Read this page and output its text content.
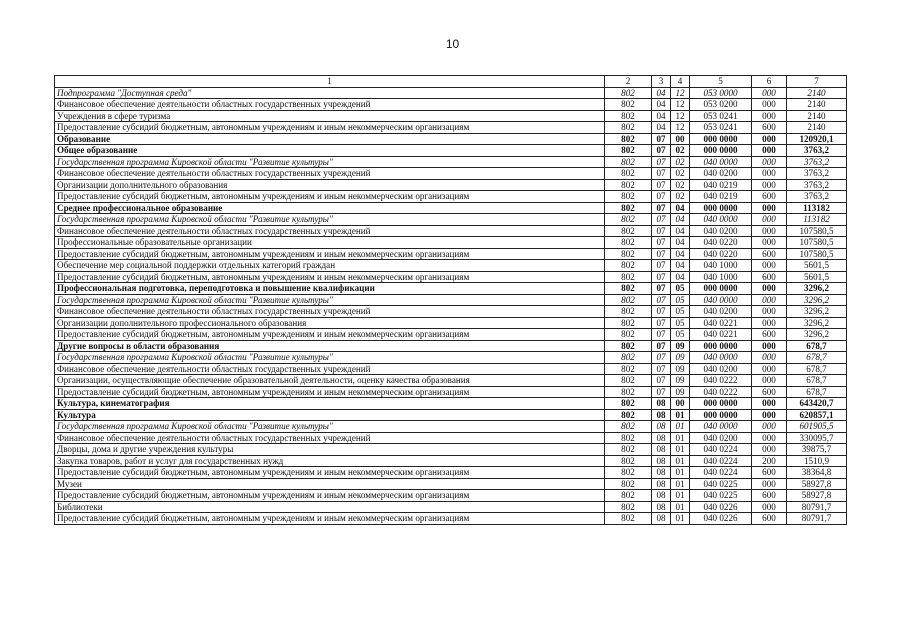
10
1	2	3	4	5	6	7
Подпрограмма "Доступная среда"	802	04	12	053 0000	000	2140
Финансовое обеспечение деятельности областных государственных учреждений	802	04	12	053 0200	000	2140
Учреждения в сфере туризма	802	04	12	053 0241	000	2140
Предоставление субсидий бюджетным, автономным учреждениям и иным некоммерческим организациям	802	04	12	053 0241	600	2140
Образование	802	07	00	000 0000	000	120920,1
Общее образование	802	07	02	000 0000	000	3763,2
Государственная программа Кировской области "Развитие культуры"	802	07	02	040 0000	000	3763,2
Финансовое обеспечение деятельности областных государственных учреждений	802	07	02	040 0200	000	3763,2
Организации дополнительного образования	802	07	02	040 0219	000	3763,2
Предоставление субсидий бюджетным, автономным учреждениям и иным некоммерческим организациям	802	07	02	040 0219	600	3763,2
Среднее профессиональное образование	802	07	04	000 0000	000	113182
Государственная программа Кировской области "Развитие культуры"	802	07	04	040 0000	000	113182
Финансовое обеспечение деятельности областных государственных учреждений	802	07	04	040 0200	000	107580,5
Профессиональные образовательные организации	802	07	04	040 0220	000	107580,5
Предоставление субсидий бюджетным, автономным учреждениям и иным некоммерческим организациям	802	07	04	040 0220	600	107580,5
Обеспечение мер социальной поддержки отдельных категорий граждан	802	07	04	040 1000	000	5601,5
Предоставление субсидий бюджетным, автономным учреждениям и иным некоммерческим организациям	802	07	04	040 1000	600	5601,5
Профессиональная подготовка, переподготовка и повышение квалификации	802	07	05	000 0000	000	3296,2
Государственная программа Кировской области "Развитие культуры"	802	07	05	040 0000	000	3296,2
Финансовое обеспечение деятельности областных государственных учреждений	802	07	05	040 0200	000	3296,2
Организации дополнительного профессионального образования	802	07	05	040 0221	000	3296,2
Предоставление субсидий бюджетным, автономным учреждениям и иным некоммерческим организациям	802	07	05	040 0221	600	3296,2
Другие вопросы в области образования	802	07	09	000 0000	000	678,7
Государственная программа Кировской области "Развитие культуры"	802	07	09	040 0000	000	678,7
Финансовое обеспечение деятельности областных государственных учреждений	802	07	09	040 0200	000	678,7
Организации, осуществляющие обеспечение образовательной деятельности, оценку качества образования	802	07	09	040 0222	000	678,7
Предоставление субсидий бюджетным, автономным учреждениям и иным некоммерческим организациям	802	07	09	040 0222	600	678,7
Культура, кинематография	802	08	00	000 0000	000	643420,7
Культура	802	08	01	000 0000	000	620857,1
Государственная программа Кировской области "Развитие культуры"	802	08	01	040 0000	000	601905,5
Финансовое обеспечение деятельности областных государственных учреждений	802	08	01	040 0200	000	330095,7
Дворцы, дома и другие учреждения культуры	802	08	01	040 0224	000	39875,7
Закупка товаров, работ и услуг для государственных нужд	802	08	01	040 0224	200	1510,9
Предоставление субсидий бюджетным, автономным учреждениям и иным некоммерческим организациям	802	08	01	040 0224	600	38364,8
Музеи	802	08	01	040 0225	000	58927,8
Предоставление субсидий бюджетным, автономным учреждениям и иным некоммерческим организациям	802	08	01	040 0225	600	58927,8
Библиотеки	802	08	01	040 0226	000	80791,7
Предоставление субсидий бюджетным, автономным учреждениям и иным некоммерческим организациям	802	08	01	040 0226	600	80791,7
